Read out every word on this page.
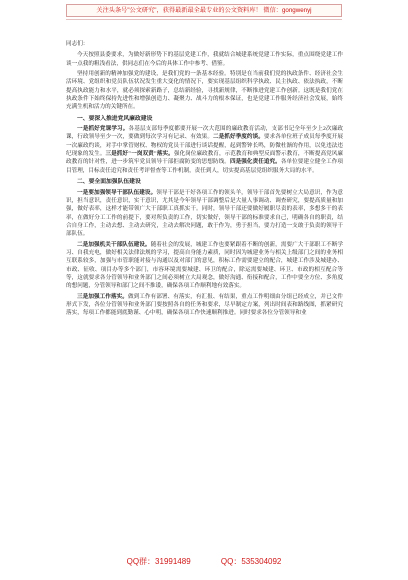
关注头条号"公文研究"，获得最新最全最专业的公文资料库！ 微信：gongwenyj

同志们：

今天按照县委要求，为做好新形势下的基层党建工作，我就结合城建系统党建工作实际，重点围绕党建工作谈一点我的粗浅看法，供同志们在今后的具体工作中参考、借鉴。

坚持用创新的精神加强党的建设，是我们党的一条基本经验。特别是在当前我们党的执政条件、经济社会生活环境、党组织和党员队伍状况发生重大变化的情况下，要实现基层组织科学执政、民主执政、依法执政，不断提高执政能力和水平，就必须探索新路子，总结新经验，寻找新规律，不断推进党建工作创新。这既是我们党在执政条件下始终保持先进性和增强创造力、凝聚力、战斗力的根本保证，也是党建工作服务经济社会发展，始终充满生机和活力的关键所在。

一、要深入推进党风廉政建设

一是抓好党课学习。各基层支部每季度都要开展一次大范围的廉政教育活动，支部书记全年至少上2次廉政课，行政领导至少一次，要做到每次学习有记录、有效果。二是抓好季度约谈。要求各单位班子成员每季度开展一次廉政约谈，对手中掌管财权、物权的党员干部进行谈话提醒，起到警钟长鸣，防微杜渐的作用，以免违法违纪现象的发生。三是抓好"一岗双责"落实。强化岗位廉政教育，示范教育和典型反面警示教育，不断提高党风廉政教育的针对性，进一步筑牢党员领导干部拒腐防变的思想防线。四是强化责任追究。各单位要建立健全工作项目管理，目标责任追究和责任考评督查等工作机制，责任到人，切实提高基层党组织服务大局的水平。

二、要全面加强队伍建设

一是要加强领导干部队伍建设。领导干部是干好各项工作的领头羊，领导干部首先要树立大局意识，作为意识，担当意识，责任意识，实干意识，尤其是今年领导干部调整后是大量人事调动、调查研究，要提高质量和加强，做好表率，这样才能带领广大干部职工真抓实干。同时，领导干部还要做好履职尽责的表率，多想多干的表率，在做好分工工作的前提下，要对所负责的工作，切实做好，领导干部的标准要求自己，明确各自的职责，结合自身工作，主动去想、主动去研究，主动去解决问题，敢于作为，勇于担当，要力打造一支敢于负责的领导干部队伍。

二是加强机关干部队伍建设。随着社会的发展，城建工作也要紧跟着不断的创新，需要广大干部职工不断学习、自我充电，做好相关法律法规的学习，提高自身能力素质，同时因为城建业务与相关上级部门之间的业务相互联系较多，加强与市管职能对接与沟通以及对部门的意见，积标工作需要建立的配合，城建工作涉及城建办、市政、征收、项目办等多个部门，市容环境需要城建、环卫的配合，除运需要城建、环卫、市政的相互配合等等，这就要求各分管领导和业务部门之间必须树立大局观念，做好沟通、衔接和配合，工作中要全方位、多角度的想问题，分管领导和部门之间不推诿，确保各项工作顺利地有效落实。

三是加强工作落实。做到工作有部署、有落实，有汇报、有结果，重点工作明细由分组已经成立，并已文件形式下发，各位分管领导和业务部门要按照各自的任务和要求，尽早制定方案，列出时间表和路线图，抓紧研究落实，每项工作都能到底勤谨、心中明，确保各项工作快速顺利推进。同时要求各位分管领导和业

QQ群：31991489	QQ：535304092
